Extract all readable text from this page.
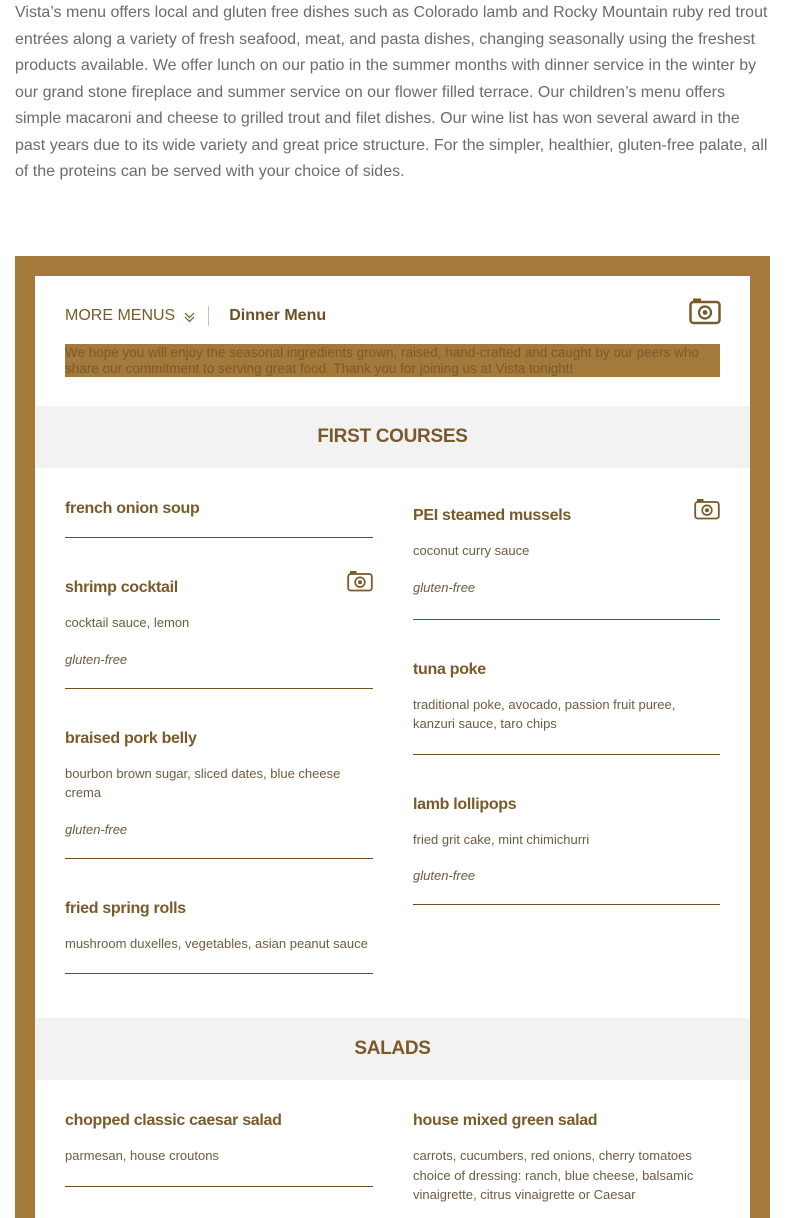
Vista’s menu offers local and gluten free dishes such as Colorado lamb and Rocky Mountain ruby red trout entrées along a variety of fresh seafood, meat, and pasta dishes, changing seasonally using the freshest products available. We offer lunch on our patio in the summer months with dinner service in the winter by our grand stone fireplace and summer service on our flower filled terrace. Our children’s menu offers simple macaroni and cheese to grilled trout and filet dishes. Our wine list has won several award in the past years due to its wide variety and great price structure. For the simpler, healthier, gluten-free palate, all of the proteins can be served with your choice of sides.

MORE MENUS	Dinner Menu
We hope you will enjoy the seasonal ingredients grown, raised, hand-crafted and caught by our peers who share our commitment to serving great food. Thank you for joining us at Vista tonight!
FIRST COURSES
french onion soup
shrimp cocktail
cocktail sauce, lemon
gluten-free
braised pork belly
bourbon brown sugar, sliced dates, blue cheese crema
gluten-free
fried spring rolls
mushroom duxelles, vegetables, asian peanut sauce
PEI steamed mussels
coconut curry sauce
gluten-free
tuna poke
traditional poke, avocado, passion fruit puree, kanzuri sauce, taro chips
lamb lollipops
fried grit cake, mint chimichurri
gluten-free
SALADS
chopped classic caesar salad
parmesan, house croutons
house mixed green salad
carrots, cucumbers, red onions, cherry tomatoes choice of dressing: ranch, blue cheese, balsamic vinaigrette, citrus vinaigrette or Caesar
